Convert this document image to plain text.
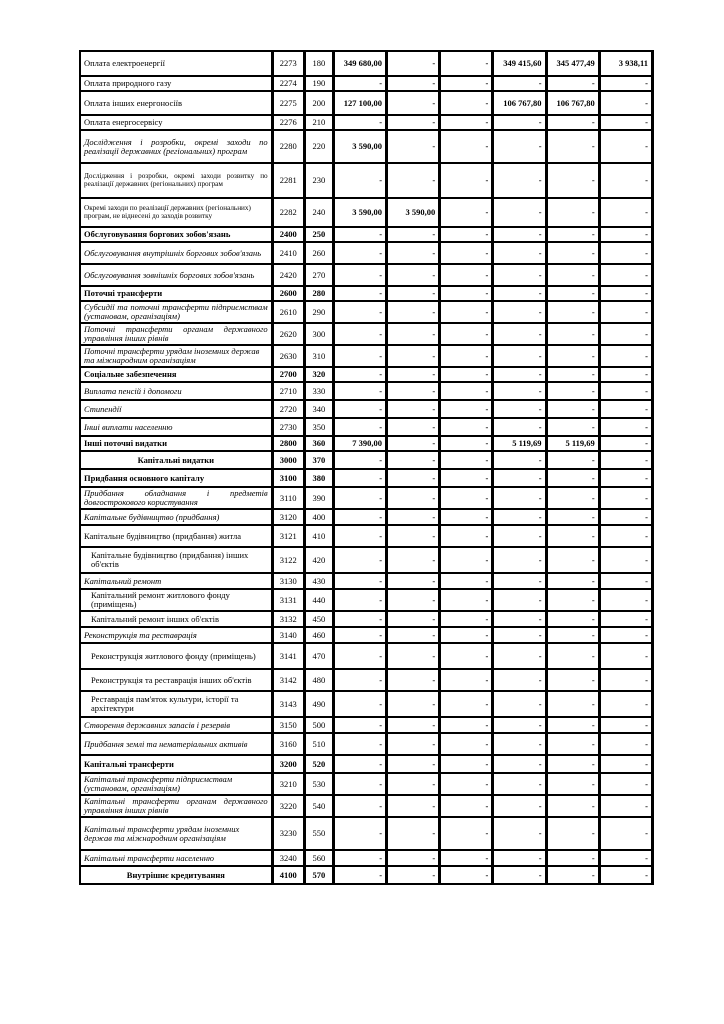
Оплата електроенергії	2273	180	349 680,00	-	-	349 415,60	345 477,49	3 938,11
Оплата природного газу	2274	190	-	-	-	-	-	-
Оплата інших енергоносіїв	2275	200	127 100,00	-	-	106 767,80	106 767,80	-
Оплата енергосервісу	2276	210	-	-	-	-	-	-
Дослідження і розробки, окремі заходи по реалізації державних (регіональних) програм	2280	220	3 590,00	-	-	-	-	-
Дослідження і розробки, окремі заходи розвитку по реалізації державних (регіональних) програм	2281	230	-	-	-	-	-	-
Окремі заходи по реалізації державних (регіональних) програм, не віднесені до заходів розвитку	2282	240	3 590,00	3 590,00	-	-	-	-
Обслуговування боргових зобов'язань	2400	250	-	-	-	-	-	-
Обслуговування внутрішніх боргових зобов'язань	2410	260	-	-	-	-	-	-
Обслуговування зовнішніх боргових зобов'язань	2420	270	-	-	-	-	-	-
Поточні трансферти	2600	280	-	-	-	-	-	-
Субсидії та поточні трансферти підприємствам (установам, організаціям)	2610	290	-	-	-	-	-	-
Поточні трансферти органам державного управління інших рівнів	2620	300	-	-	-	-	-	-
Поточні трансферти урядам іноземних держав та міжнародним організаціям	2630	310	-	-	-	-	-	-
Соціальне забезпечення	2700	320	-	-	-	-	-	-
Виплата пенсій і допомоги	2710	330	-	-	-	-	-	-
Стипендії	2720	340	-	-	-	-	-	-
Інші виплати населенню	2730	350	-	-	-	-	-	-
Інші поточні видатки	2800	360	7 390,00	-	-	5 119,69	5 119,69	-
Капітальні видатки	3000	370	-	-	-	-	-	-
Придбання основного капіталу	3100	380	-	-	-	-	-	-
Придбання обладнання і предметів довгострокового користування	3110	390	-	-	-	-	-	-
Капітальне будівництво (придбання)	3120	400	-	-	-	-	-	-
Капітальне будівництво (придбання) житла	3121	410	-	-	-	-	-	-
Капітальне будівництво (придбання) інших об'єктів	3122	420	-	-	-	-	-	-
Капітальний ремонт	3130	430	-	-	-	-	-	-
Капітальний ремонт житлового фонду (приміщень)	3131	440	-	-	-	-	-	-
Капітальний ремонт інших об'єктів	3132	450	-	-	-	-	-	-
Реконструкція та реставрація	3140	460	-	-	-	-	-	-
Реконструкція житлового фонду (приміщень)	3141	470	-	-	-	-	-	-
Реконструкція та реставрація інших об'єктів	3142	480	-	-	-	-	-	-
Реставрація пам'яток культури, історії та архітектури	3143	490	-	-	-	-	-	-
Створення державних запасів і резервів	3150	500	-	-	-	-	-	-
Придбання землі та нематеріальних активів	3160	510	-	-	-	-	-	-
Капітальні трансферти	3200	520	-	-	-	-	-	-
Капітальні трансферти підприємствам (установам, організаціям)	3210	530	-	-	-	-	-	-
Капітальні трансферти органам державного управління інших рівнів	3220	540	-	-	-	-	-	-
Капітальні трансферти урядам іноземних держав та міжнародним організаціям	3230	550	-	-	-	-	-	-
Капітальні трансферти населенню	3240	560	-	-	-	-	-	-
Внутрішнє кредитування	4100	570	-	-	-	-	-	-
